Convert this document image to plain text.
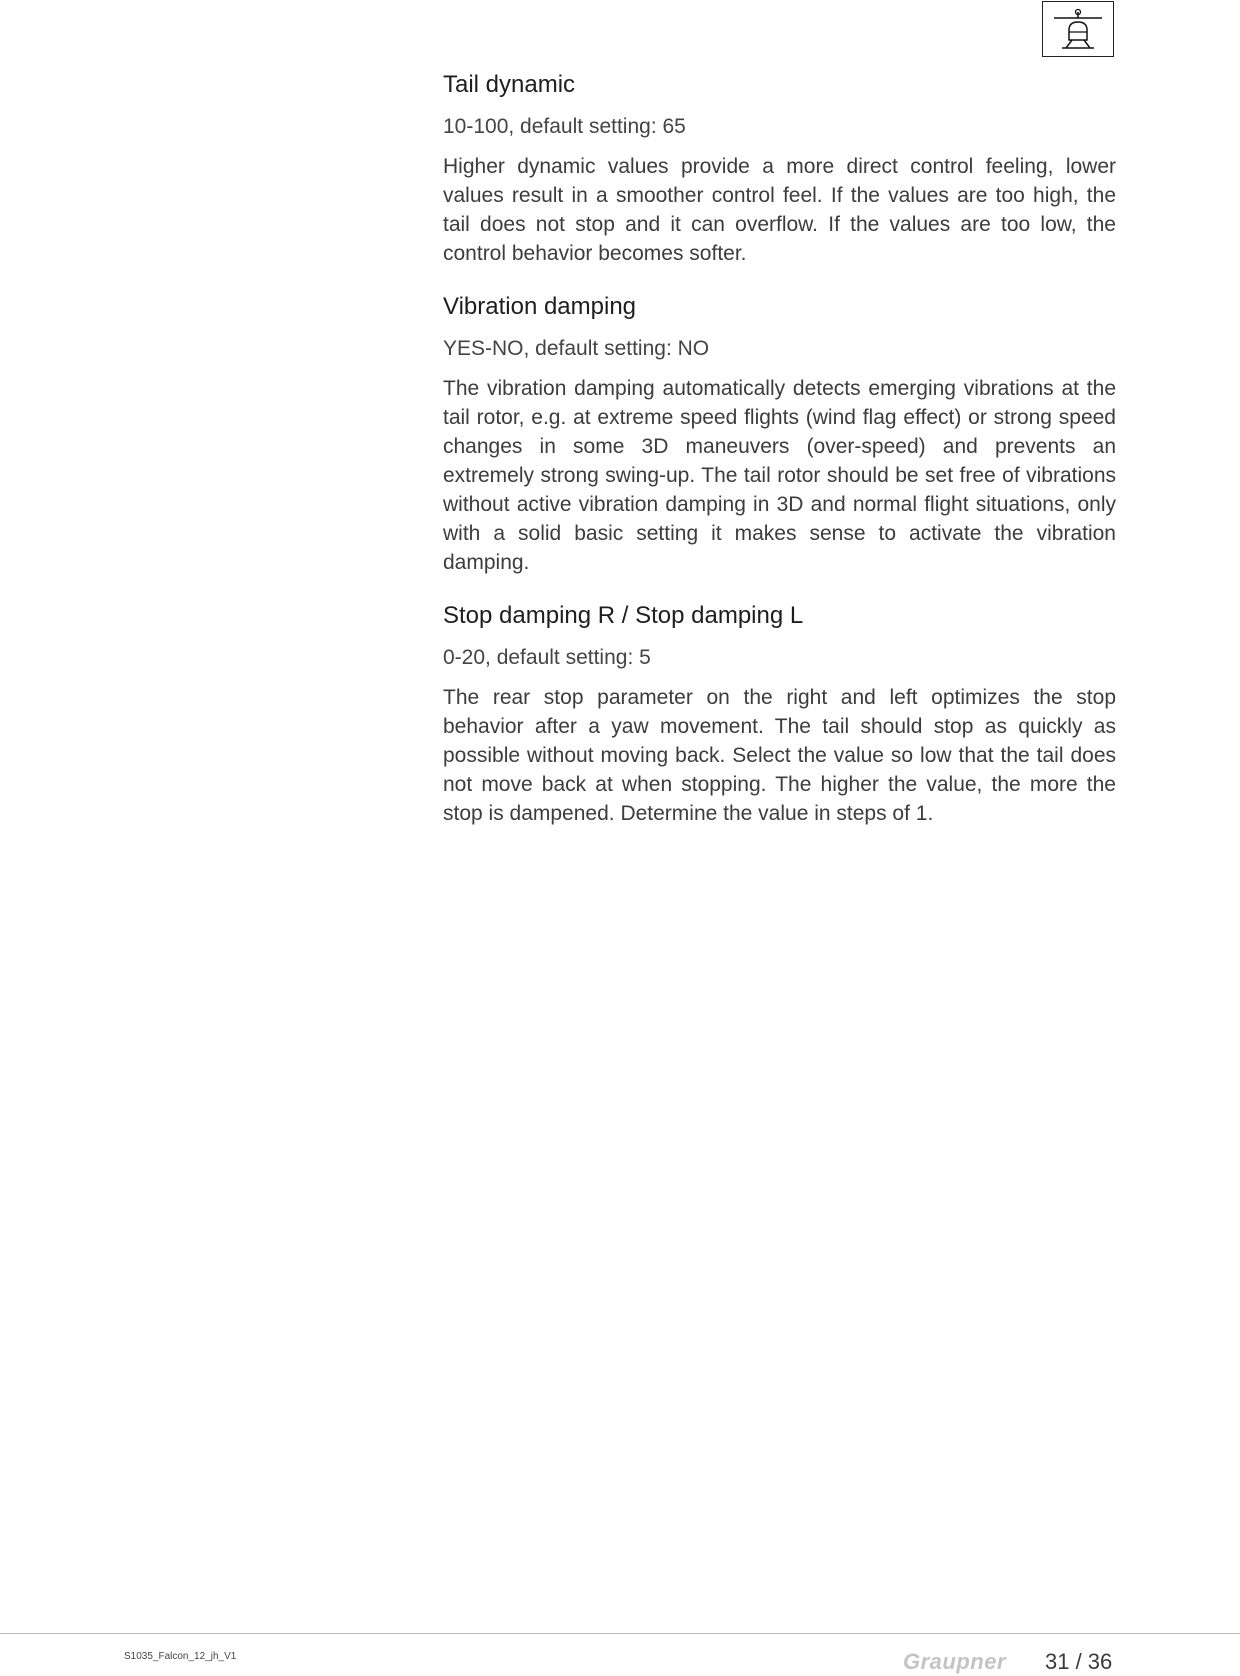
Tail dynamic
10-100, default setting: 65

Higher dynamic values provide a more direct control feeling, lower values result in a smoother control feel. If the values are too high, the tail does not stop and it can overflow. If the values are too low, the control behavior becomes softer.

Vibration damping
YES-NO, default setting: NO

The vibration damping automatically detects emerging vibrations at the tail rotor, e.g. at extreme speed flights (wind flag effect) or strong speed changes in some 3D maneuvers (over-speed) and prevents an extremely strong swing-up. The tail rotor should be set free of vibrations without active vibration damping in 3D and normal flight situations, only with a solid basic setting it makes sense to activate the vibration damping.

Stop damping R / Stop damping L
0-20, default setting: 5

The rear stop parameter on the right and left optimizes the stop behavior after a yaw movement. The tail should stop as quickly as possible without moving back. Select the value so low that the tail does not move back at when stopping. The higher the value, the more the stop is dampened. Determine the value in steps of 1.

S1035_Falcon_12_jh_V1	Graupner 31 / 36
